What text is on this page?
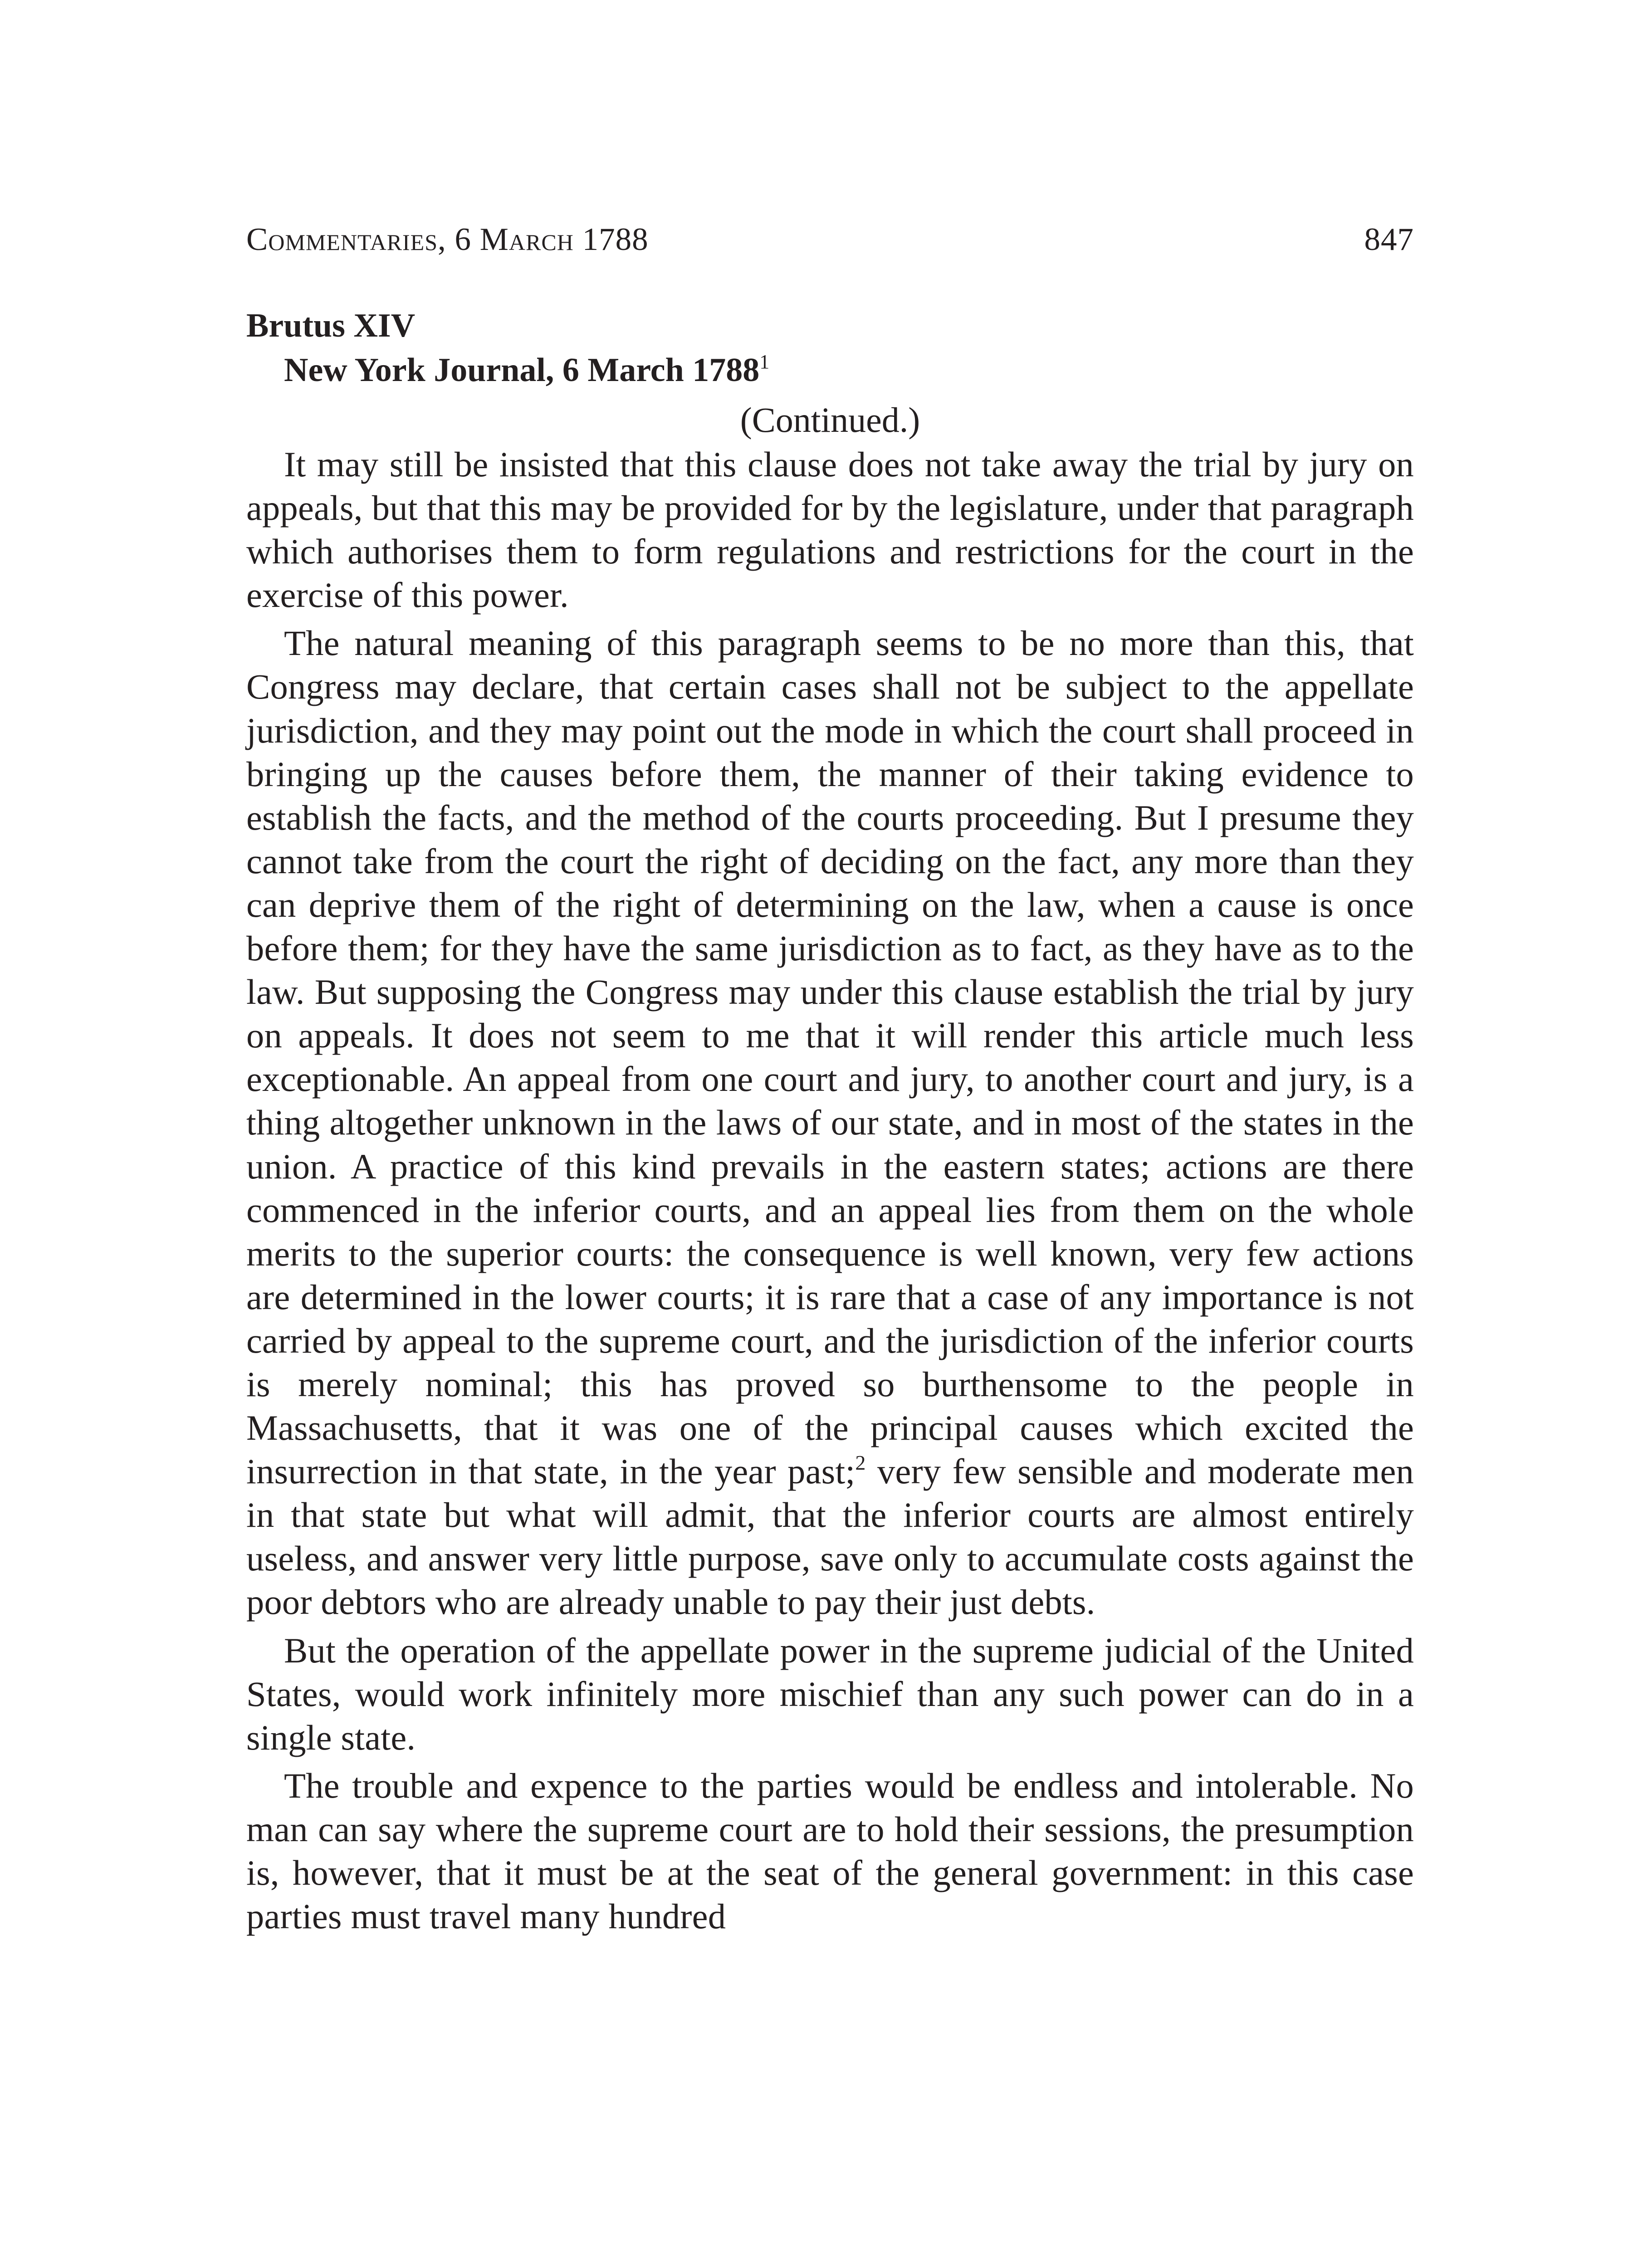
Commentaries, 6 March 1788	847
Brutus XIV
New York Journal, 6 March 1788$^1$
(Continued.)

It may still be insisted that this clause does not take away the trial by jury on appeals, but that this may be provided for by the legislature, under that paragraph which authorises them to form regulations and restrictions for the court in the exercise of this power.

The natural meaning of this paragraph seems to be no more than this, that Congress may declare, that certain cases shall not be subject to the appellate jurisdiction, and they may point out the mode in which the court shall proceed in bringing up the causes before them, the manner of their taking evidence to establish the facts, and the method of the courts proceeding. But I presume they cannot take from the court the right of deciding on the fact, any more than they can deprive them of the right of determining on the law, when a cause is once before them; for they have the same jurisdiction as to fact, as they have as to the law. But supposing the Congress may under this clause establish the trial by jury on appeals. It does not seem to me that it will render this article much less exceptionable. An appeal from one court and jury, to another court and jury, is a thing altogether unknown in the laws of our state, and in most of the states in the union. A practice of this kind prevails in the eastern states; actions are there commenced in the inferior courts, and an appeal lies from them on the whole merits to the superior courts: the consequence is well known, very few actions are determined in the lower courts; it is rare that a case of any importance is not carried by appeal to the supreme court, and the jurisdiction of the inferior courts is merely nominal; this has proved so burthensome to the people in Massachusetts, that it was one of the principal causes which excited the insurrection in that state, in the year past;$^2$ very few sensible and moderate men in that state but what will admit, that the inferior courts are almost entirely useless, and answer very little purpose, save only to accumulate costs against the poor debtors who are already unable to pay their just debts.

But the operation of the appellate power in the supreme judicial of the United States, would work infinitely more mischief than any such power can do in a single state.

The trouble and expence to the parties would be endless and intolerable. No man can say where the supreme court are to hold their sessions, the presumption is, however, that it must be at the seat of the general government: in this case parties must travel many hundred
